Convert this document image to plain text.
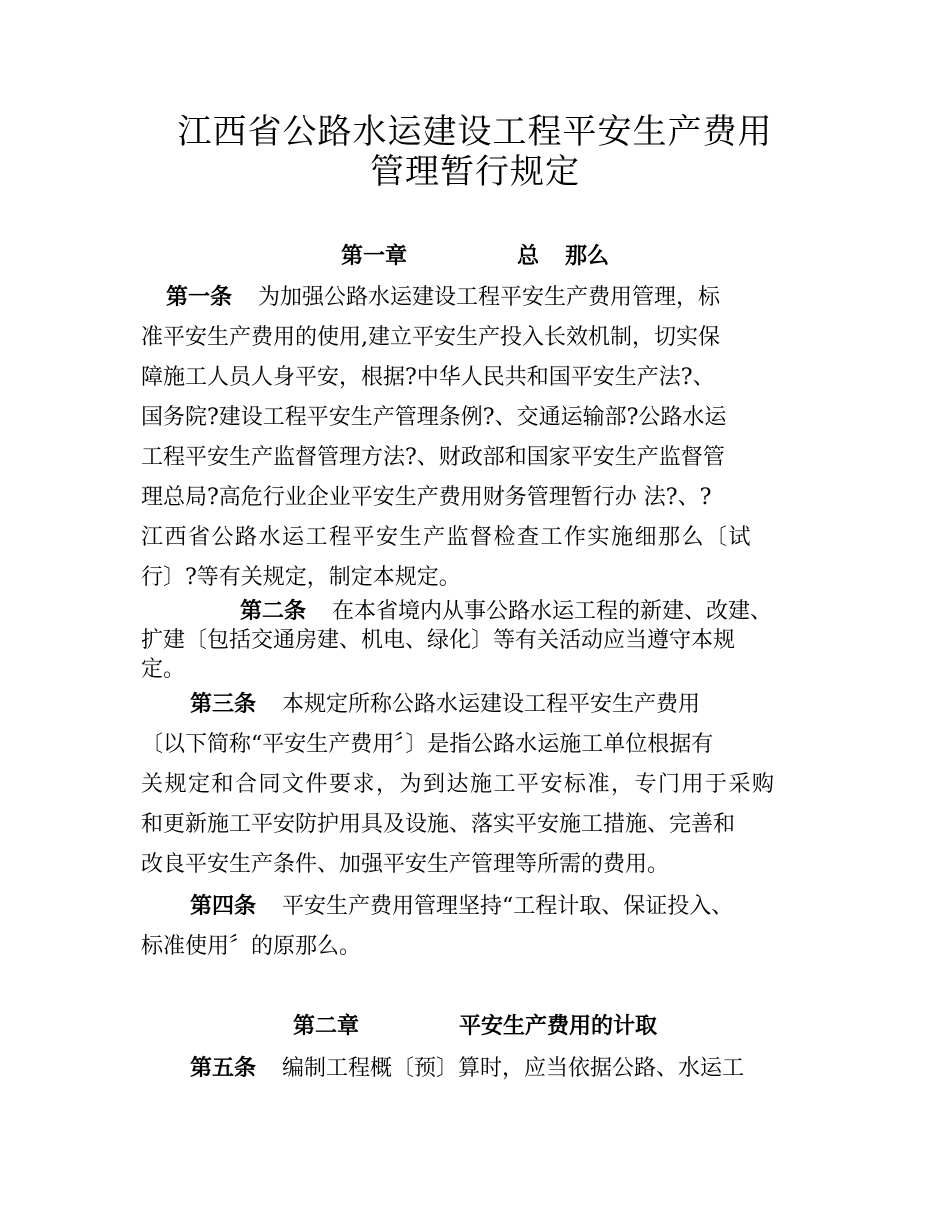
江西省公路水运建设工程平安生产费用
管理暂行规定
第一章	总 那么
第一条 为加强公路水运建设工程平安生产费用管理，标
准平安生产费用的使用,建立平安生产投入长效机制，切实保
障施工人员人身平安，根据?中华人民共和国平安生产法?、
国务院?建设工程平安生产管理条例?、交通运输部?公路水运
工程平安生产监督管理方法?、财政部和国家平安生产监督管
理总局?高危行业企业平安生产费用财务管理暂行办 法?、?
江西省公路水运工程平安生产监督检查工作实施细那么〔试
行〕?等有关规定，制定本规定。
第二条 在本省境内从事公路水运工程的新建、改建、
扩建〔包括交通房建、机电、绿化〕等有关活动应当遵守本规
定。
第三条 本规定所称公路水运建设工程平安生产费用
〔以下简称“平安生产费用〞〕是指公路水运施工单位根据有
关规定和合同文件要求，为到达施工平安标准，专门用于采购
和更新施工平安防护用具及设施、落实平安施工措施、完善和
改良平安生产条件、加强平安生产管理等所需的费用。
第四条 平安生产费用管理坚持“工程计取、保证投入、
标准使用〞的原那么。
第二章	平安生产费用的计取
第五条 编制工程概〔预〕算时，应当依据公路、水运工
